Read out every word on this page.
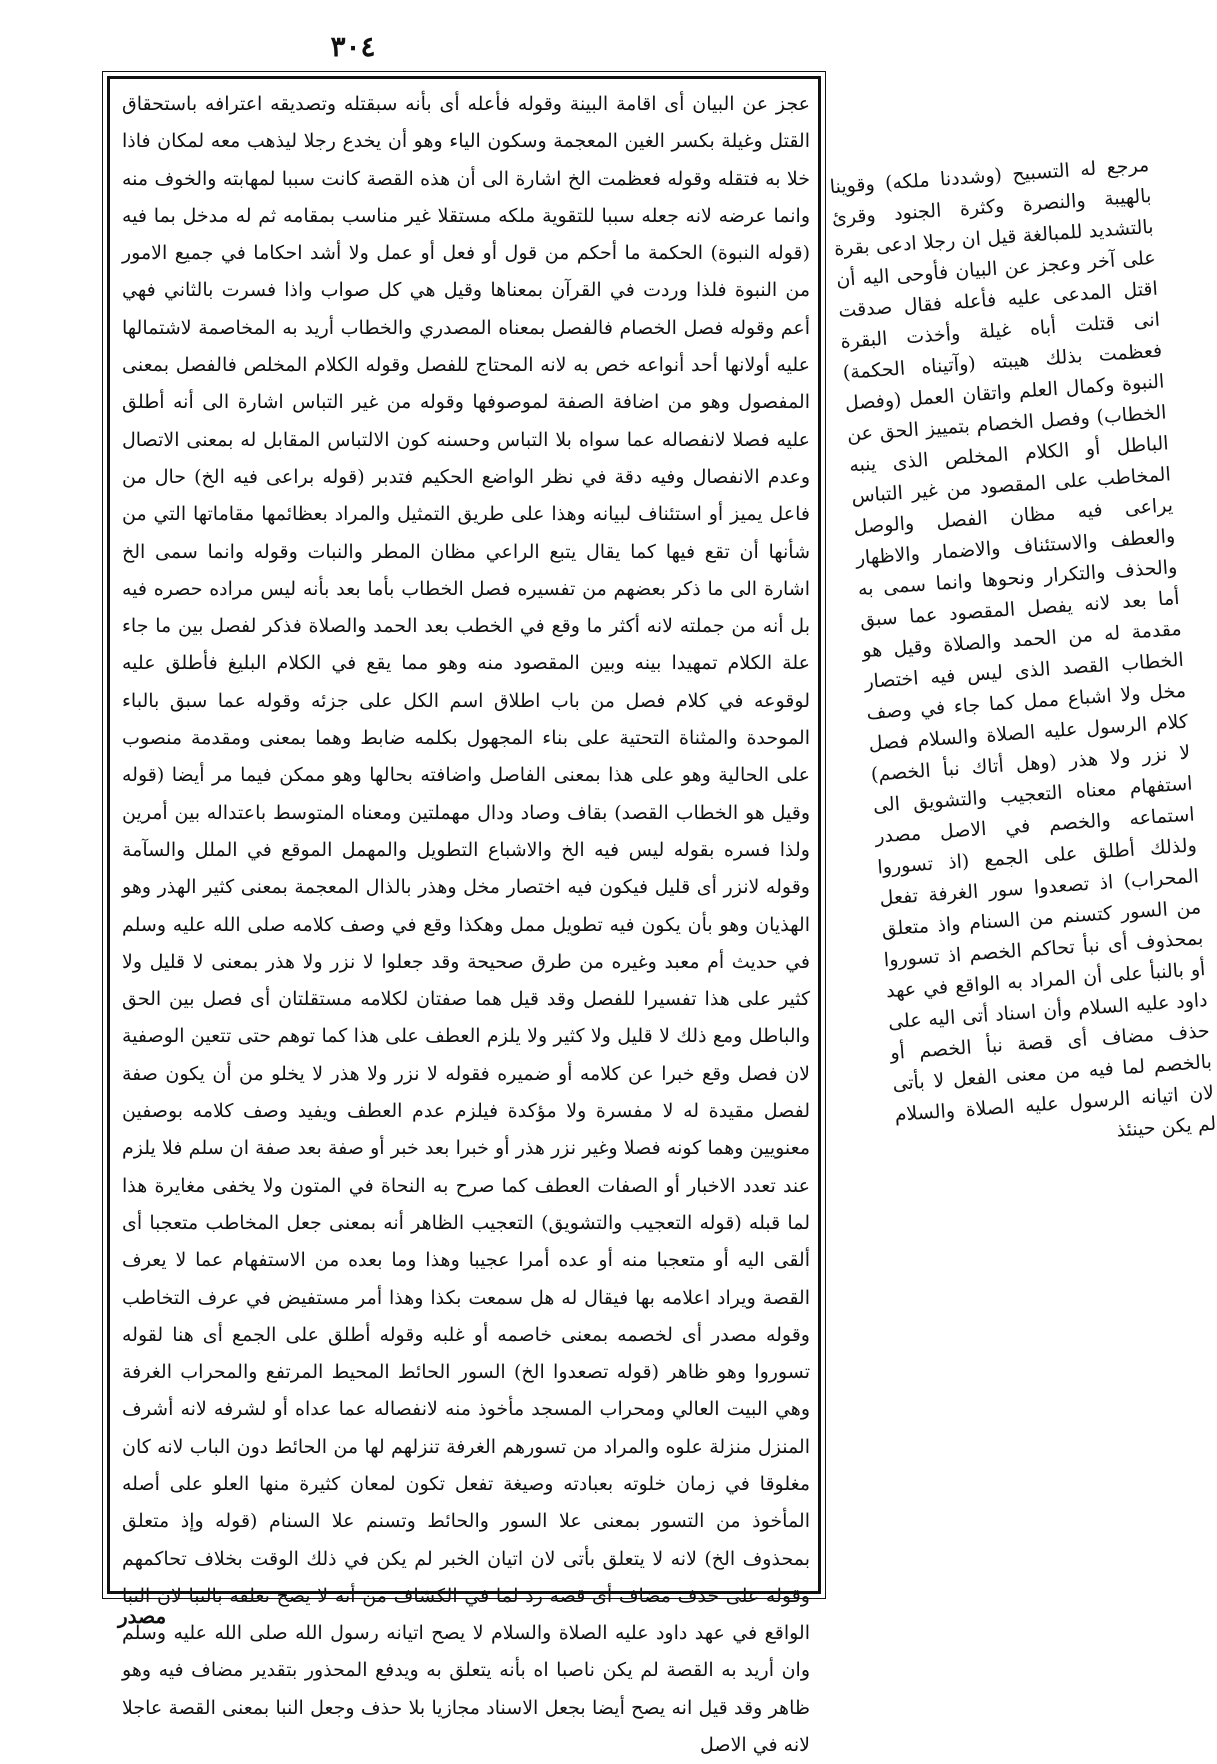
٣٠٤

عجز عن البيان أى اقامة البينة وقوله فأعله أى بأنه سبقتله وتصديقه اعترافه باستحقاق القتل وغيلة بكسر الغين المعجمة وسكون الياء وهو أن يخدع رجلا ليذهب معه لمكان فاذا خلا به فتقله وقوله فعظمت الخ اشارة الى أن هذه القصة كانت سببا لمهابته والخوف منه وانما عرضه لانه جعله سببا للتقوية ملكه مستقلا غير مناسب بمقامه ثم له مدخل بما فيه (قوله النبوة) الحكمة ما أحكم من قول أو فعل أو عمل ولا أشد احكاما في جميع الامور من النبوة فلذا وردت في القرآن بمعناها وقيل هي كل صواب واذا فسرت بالثاني فهي أعم وقوله فصل الخصام فالفصل بمعناه المصدري والخطاب أريد به المخاصمة لاشتمالها عليه أولانها أحد أنواعه خص به لانه المحتاج للفصل وقوله الكلام المخلص فالفصل بمعنى المفصول وهو من اضافة الصفة لموصوفها وقوله من غير التباس اشارة الى أنه أطلق عليه فصلا لانفصاله عما سواه بلا التباس وحسنه كون الالتباس المقابل له بمعنى الاتصال وعدم الانفصال وفيه دقة في نظر الواضع الحكيم فتدبر (قوله براعى فيه الخ) حال من فاعل يميز أو استئناف لبيانه وهذا على طريق التمثيل والمراد بعظائمها مقاماتها التي من شأنها أن تقع فيها كما يقال يتبع الراعي مظان المطر والنبات وقوله وانما سمى الخ اشارة الى ما ذكر بعضهم من تفسيره فصل الخطاب بأما بعد بأنه ليس مراده حصره فيه بل أنه من جملته لانه أكثر ما وقع في الخطب بعد الحمد والصلاة فذكر لفصل بين ما جاء علة الكلام تمهيدا بينه وبين المقصود منه وهو مما يقع في الكلام البليغ فأطلق عليه لوقوعه في كلام فصل من باب اطلاق اسم الكل على جزئه وقوله عما سبق بالباء الموحدة والمثناة التحتية على بناء المجهول بكلمه ضابط وهما بمعنى ومقدمة منصوب على الحالية وهو على هذا بمعنى الفاصل واضافته بحالها وهو ممكن فيما مر أيضا (قوله وقيل هو الخطاب القصد) بقاف وصاد ودال مهملتين ومعناه المتوسط باعتداله بين أمرين ولذا فسره بقوله ليس فيه الخ والاشباع التطويل والمهمل الموقع في الملل والسآمة وقوله لانزر أى قليل فيكون فيه اختصار مخل وهذر بالذال المعجمة بمعنى كثير الهذر وهو الهذيان وهو بأن يكون فيه تطويل ممل وهكذا وقع في وصف كلامه صلى الله عليه وسلم في حديث أم معبد وغيره من طرق صحيحة وقد جعلوا لا نزر ولا هذر بمعنى لا قليل ولا كثير على هذا تفسيرا للفصل وقد قيل هما صفتان لكلامه مستقلتان أى فصل بين الحق والباطل ومع ذلك لا قليل ولا كثير ولا يلزم العطف على هذا كما توهم حتى تتعين الوصفية لان فصل وقع خبرا عن كلامه أو ضميره فقوله لا نزر ولا هذر لا يخلو من أن يكون صفة لفصل مقيدة له لا مفسرة ولا مؤكدة فيلزم عدم العطف ويفيد وصف كلامه بوصفين معنويين وهما كونه فصلا وغير نزر هذر أو خبرا بعد خبر أو صفة بعد صفة ان سلم فلا يلزم عند تعدد الاخبار أو الصفات العطف كما صرح به النحاة في المتون ولا يخفى مغايرة هذا لما قبله (قوله التعجيب والتشويق) التعجيب الظاهر أنه بمعنى جعل المخاطب متعجبا أى ألقى اليه أو متعجبا منه أو عده أمرا عجيبا وهذا وما بعده من الاستفهام عما لا يعرف القصة ويراد اعلامه بها فيقال له هل سمعت بكذا وهذا أمر مستفيض في عرف التخاطب وقوله مصدر أى لخصمه بمعنى خاصمه أو غلبه وقوله أطلق على الجمع أى هنا لقوله تسوروا وهو ظاهر (قوله تصعدوا الخ) السور الحائط المحيط المرتفع والمحراب الغرفة وهي البيت العالي ومحراب المسجد مأخوذ منه لانفصاله عما عداه أو لشرفه لانه أشرف المنزل منزلة علوه والمراد من تسورهم الغرفة تنزلهم لها من الحائط دون الباب لانه كان مغلوقا في زمان خلوته بعبادته وصيغة تفعل تكون لمعان كثيرة منها العلو على أصله المأخوذ من التسور بمعنى علا السور والحائط وتسنم علا السنام (قوله وإذ متعلق بمحذوف الخ) لانه لا يتعلق بأتى لان اتيان الخبر لم يكن في ذلك الوقت بخلاف تحاكمهم وقوله على حذف مضاف أى قصة رد لما في الكشاف من أنه لا يصح تعلقه بالنبا لان النبا الواقع في عهد داود عليه الصلاة والسلام لا يصح اتيانه رسول الله صلى الله عليه وسلم وان أريد به القصة لم يكن ناصبا اه بأنه يتعلق به ويدفع المحذور بتقدير مضاف فيه وهو ظاهر وقد قيل انه يصح أيضا بجعل الاسناد مجازيا بلا حذف وجعل النبا بمعنى القصة عاجلا لانه في الاصل

مرجع له التسبيح (وشددنا ملكه) وقوينا بالهيبة والنصرة وكثرة الجنود وقرئ بالتشديد للمبالغة قيل ان رجلا ادعى بقرة على آخر وعجز عن البيان فأوحى اليه أن اقتل المدعى عليه فأعله فقال صدقت انى قتلت أباه غيلة وأخذت البقرة فعظمت بذلك هيبته (وآتيناه الحكمة) النبوة وكمال العلم واتقان العمل (وفصل الخطاب) وفصل الخصام بتمييز الحق عن الباطل أو الكلام المخلص الذى ينبه المخاطب على المقصود من غير التباس يراعى فيه مظان الفصل والوصل والعطف والاستئناف والاضمار والاظهار والحذف والتكرار ونحوها وانما سمى به أما بعد لانه يفصل المقصود عما سبق مقدمة له من الحمد والصلاة وقيل هو الخطاب القصد الذى ليس فيه اختصار مخل ولا اشباع ممل كما جاء في وصف كلام الرسول عليه الصلاة والسلام فصل لا نزر ولا هذر (وهل أتاك نبأ الخصم) استفهام معناه التعجيب والتشويق الى استماعه والخصم في الاصل مصدر ولذلك أطلق على الجمع (اذ تسوروا المحراب) اذ تصعدوا سور الغرفة تفعل من السور كتسنم من السنام واذ متعلق بمحذوف أى نبأ تحاكم الخصم اذ تسوروا أو بالنبأ على أن المراد به الواقع في عهد داود عليه السلام وأن اسناد أتى اليه على حذف مضاف أى قصة نبأ الخصم أو بالخصم لما فيه من معنى الفعل لا بأتى لان اتيانه الرسول عليه الصلاة والسلام لم يكن حينئذ

مصدر
